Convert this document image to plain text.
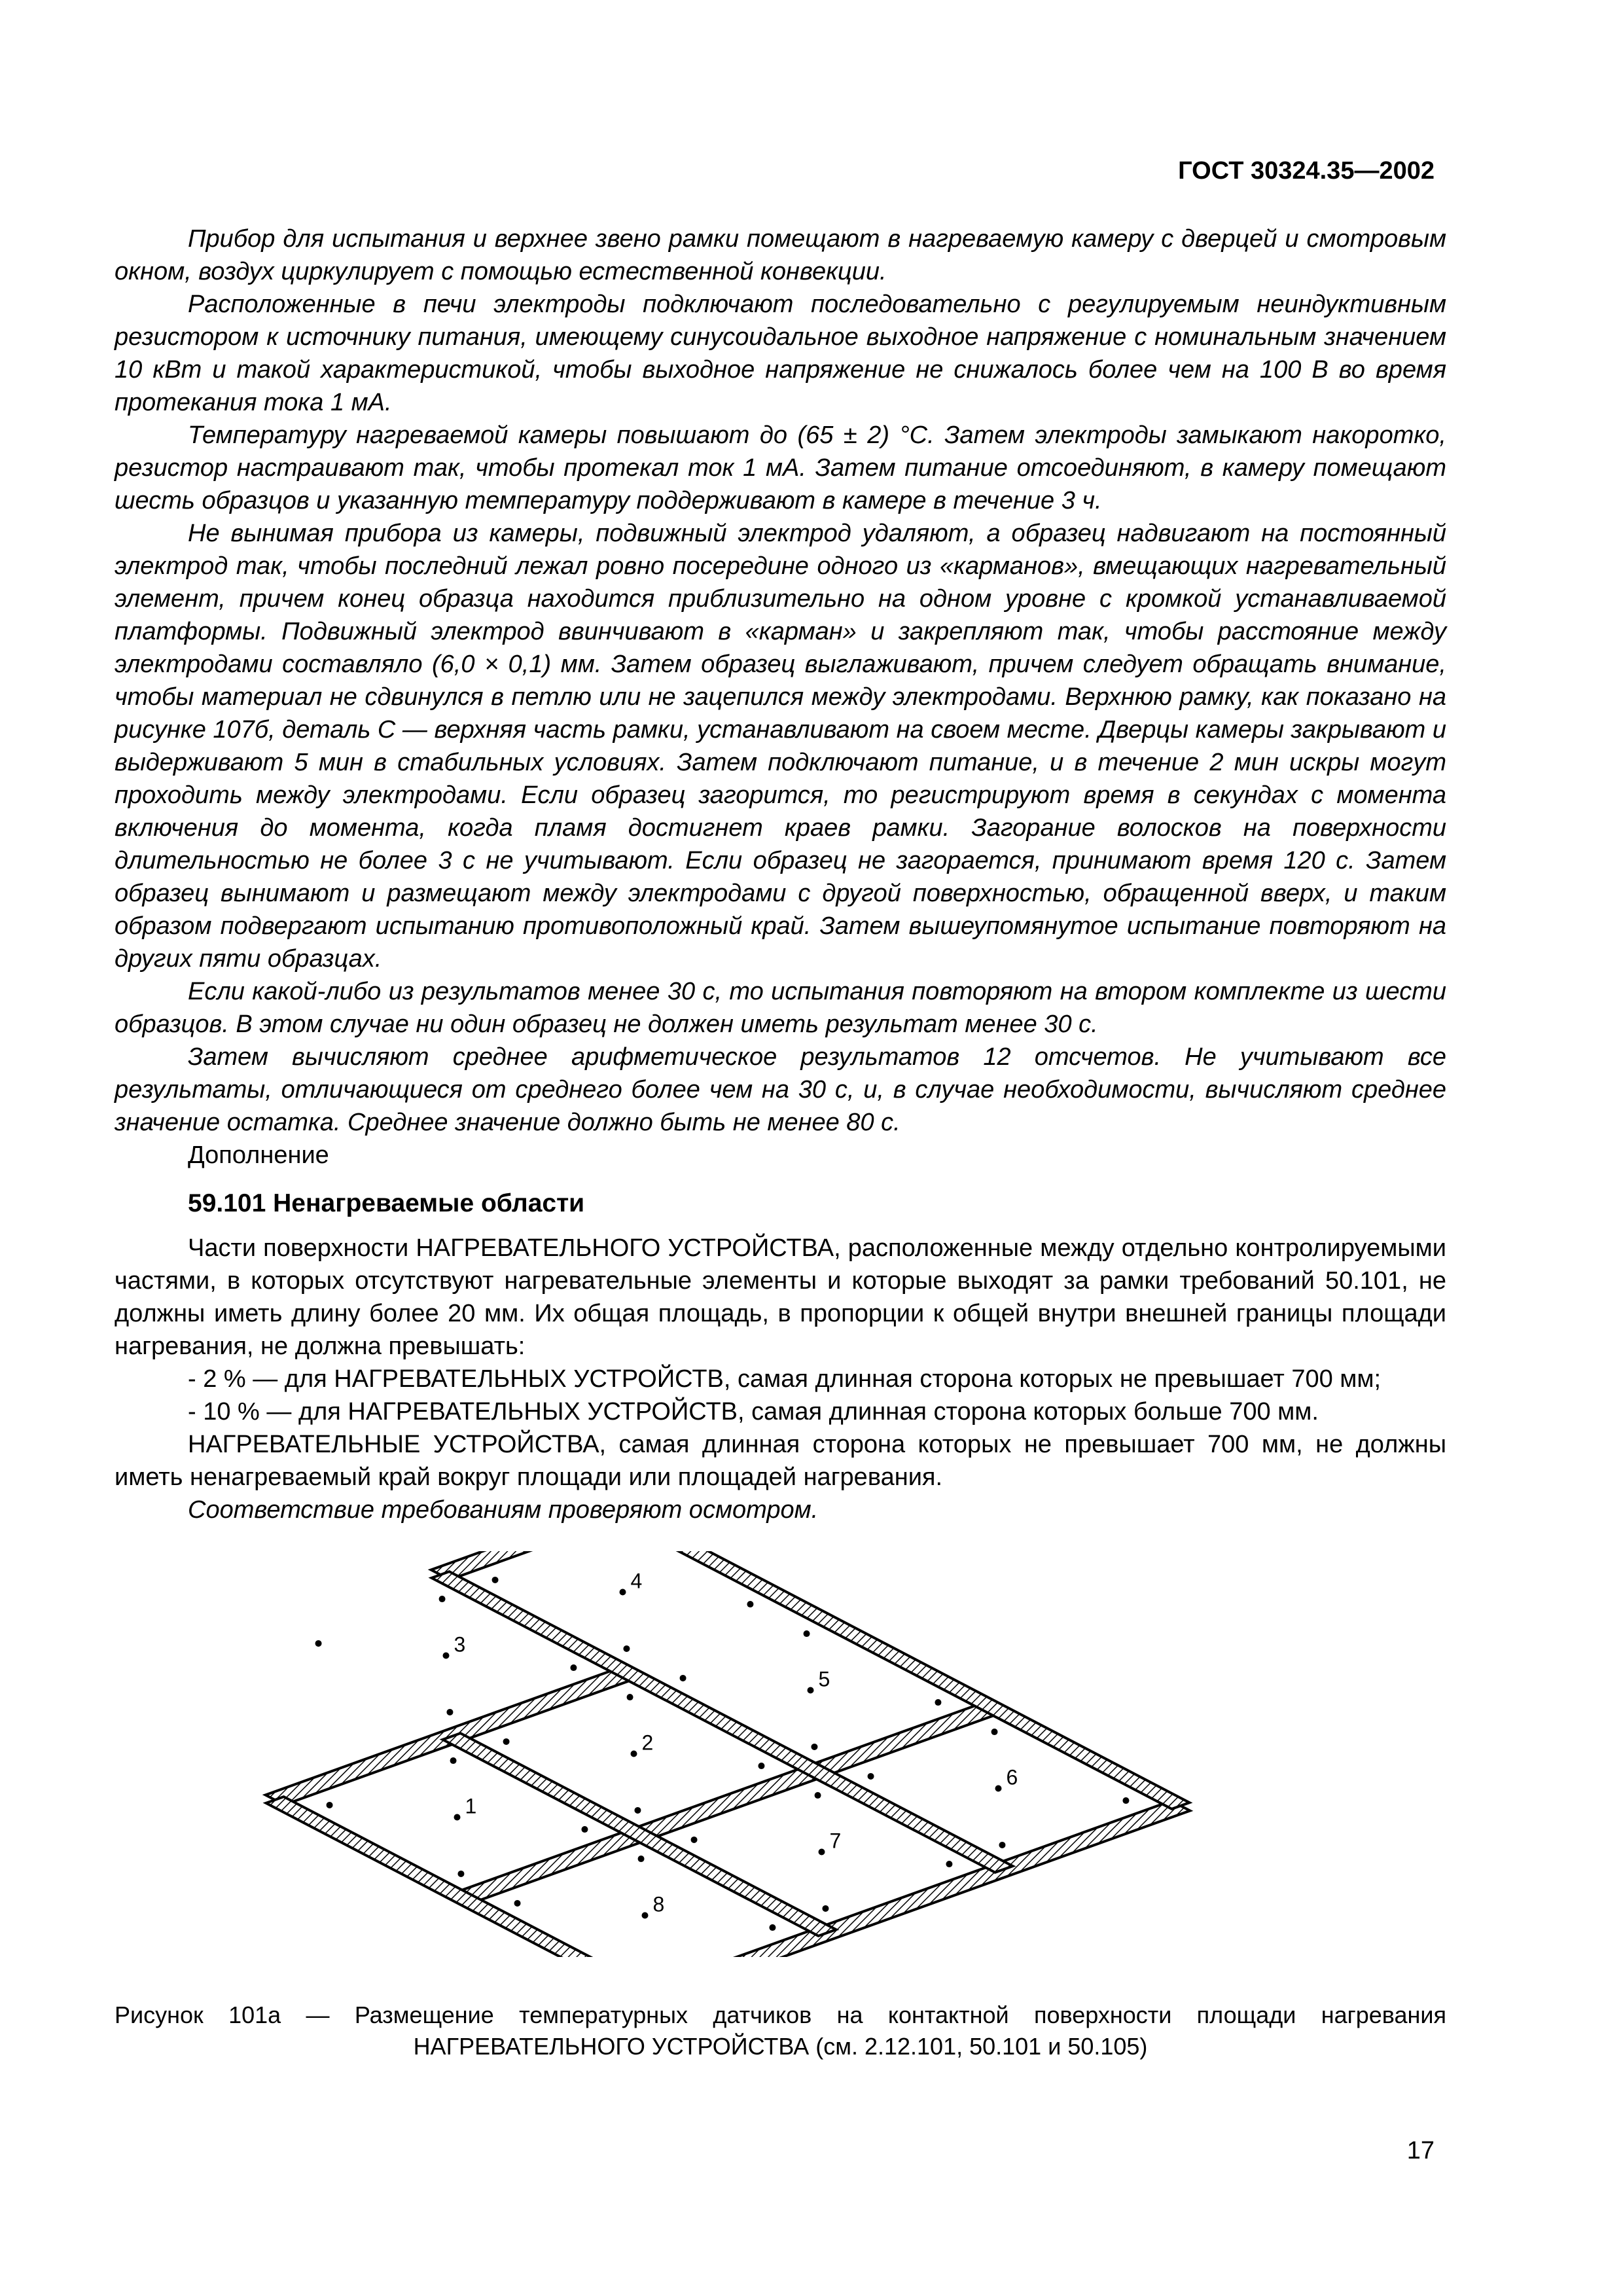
ГОСТ 30324.35—2002

Прибор для испытания и верхнее звено рамки помещают в нагреваемую камеру с дверцей и смотровым окном, воздух циркулирует с помощью естественной конвекции.

Расположенные в печи электроды подключают последовательно с регулируемым неиндуктивным резистором к источнику питания, имеющему синусоидальное выходное напряжение с номинальным значением 10 кВт и такой характеристикой, чтобы выходное напряжение не снижалось более чем на 100 В во время протекания тока 1 мА.

Температуру нагреваемой камеры повышают до (65 ± 2) °С. Затем электроды замыкают накоротко, резистор настраивают так, чтобы протекал ток 1 мА. Затем питание отсоединяют, в камеру помещают шесть образцов и указанную температуру поддерживают в камере в течение 3 ч.

Не вынимая прибора из камеры, подвижный электрод удаляют, а образец надвигают на постоянный электрод так, чтобы последний лежал ровно посередине одного из «карманов», вмещающих нагревательный элемент, причем конец образца находится приблизительно на одном уровне с кромкой устанавливаемой платформы. Подвижный электрод ввинчивают в «карман» и закрепляют так, чтобы расстояние между электродами составляло (6,0 × 0,1) мм. Затем образец выглаживают, причем следует обращать внимание, чтобы материал не сдвинулся в петлю или не зацепился между электродами. Верхнюю рамку, как показано на рисунке 107б, деталь С — верхняя часть рамки, устанавливают на своем месте. Дверцы камеры закрывают и выдерживают 5 мин в стабильных условиях. Затем подключают питание, и в течение 2 мин искры могут проходить между электродами. Если образец загорится, то регистрируют время в секундах с момента включения до момента, когда пламя достигнет краев рамки. Загорание волосков на поверхности длительностью не более 3 с не учитывают. Если образец не загорается, принимают время 120 с. Затем образец вынимают и размещают между электродами с другой поверхностью, обращенной вверх, и таким образом подвергают испытанию противоположный край. Затем вышеупомянутое испытание повторяют на других пяти образцах.

Если какой-либо из результатов менее 30 с, то испытания повторяют на втором комплекте из шести образцов. В этом случае ни один образец не должен иметь результат менее 30 с.

Затем вычисляют среднее арифметическое результатов 12 отсчетов. Не учитывают все результаты, отличающиеся от среднего более чем на 30 с, и, в случае необходимости, вычисляют среднее значение остатка. Среднее значение должно быть не менее 80 с.

Дополнение

59.101 Ненагреваемые области

Части поверхности НАГРЕВАТЕЛЬНОГО УСТРОЙСТВА, расположенные между отдельно контролируемыми частями, в которых отсутствуют нагревательные элементы и которые выходят за рамки требований 50.101, не должны иметь длину более 20 мм. Их общая площадь, в пропорции к общей внутри внешней границы площади нагревания, не должна превышать:

- 2 % — для НАГРЕВАТЕЛЬНЫХ УСТРОЙСТВ, самая длинная сторона которых не превышает 700 мм;

- 10 % — для НАГРЕВАТЕЛЬНЫХ УСТРОЙСТВ, самая длинная сторона которых больше 700 мм.

НАГРЕВАТЕЛЬНЫЕ УСТРОЙСТВА, самая длинная сторона которых не превышает 700 мм, не должны иметь ненагреваемый край вокруг площади или площадей нагревания.

Соответствие требованиям проверяют осмотром.

1
2
3
4
5
6
7
8
Рисунок 101а — Размещение температурных датчиков на контактной поверхности площади нагревания
НАГРЕВАТЕЛЬНОГО УСТРОЙСТВА (см. 2.12.101, 50.101 и 50.105)
17
